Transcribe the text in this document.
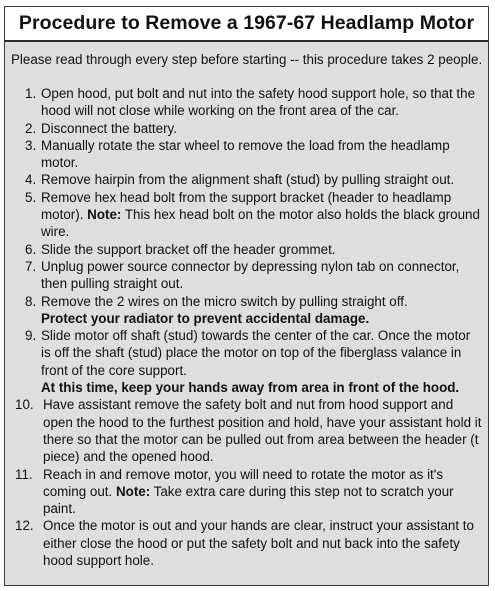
Procedure to Remove a 1967-67 Headlamp Motor
Please read through every step before starting -- this procedure takes 2 people.
1. Open hood, put bolt and nut into the safety hood support hole, so that the hood will not close while working on the front area of the car.
2. Disconnect the battery.
3. Manually rotate the star wheel to remove the load from the headlamp motor.
4. Remove hairpin from the alignment shaft (stud) by pulling straight out.
5. Remove hex head bolt from the support bracket (header to headlamp motor). Note: This hex head bolt on the motor also holds the black ground wire.
6. Slide the support bracket off the header grommet.
7. Unplug power source connector by depressing nylon tab on connector, then pulling straight out.
8. Remove the 2 wires on the micro switch by pulling straight off.
Protect your radiator to prevent accidental damage.
9. Slide motor off shaft (stud) towards the center of the car. Once the motor is off the shaft (stud) place the motor on top of the fiberglass valance in front of the core support.
At this time, keep your hands away from area in front of the hood.
10. Have assistant remove the safety bolt and nut from hood support and open the hood to the furthest position and hold, have your assistant hold it there so that the motor can be pulled out from area between the header (t piece) and the opened hood.
11. Reach in and remove motor, you will need to rotate the motor as it's coming out. Note: Take extra care during this step not to scratch your paint.
12. Once the motor is out and your hands are clear, instruct your assistant to either close the hood or put the safety bolt and nut back into the safety hood support hole.
